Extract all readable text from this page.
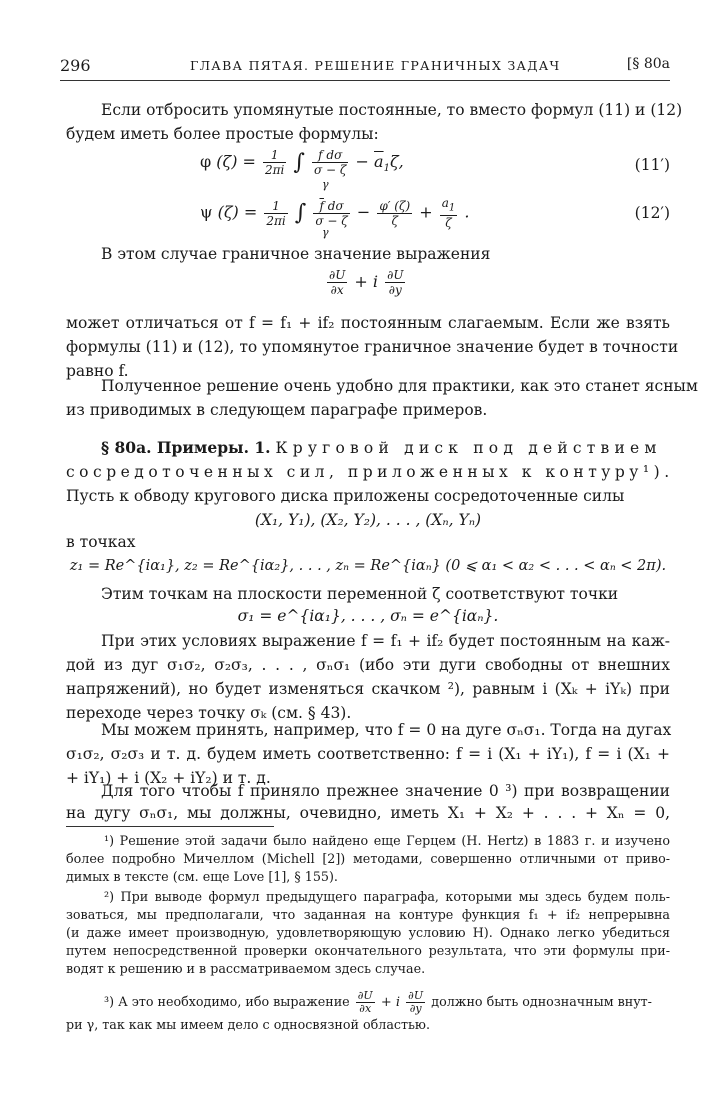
296	ГЛАВА ПЯТАЯ. РЕШЕНИЕ ГРАНИЧНЫХ ЗАДАЧ	[§ 80a
Если отбросить упомянутые постоянные, то вместо формул (11) и (12)
будем иметь более простые формулы:
φ $(\zeta) = \frac{1}{2\pi i}$ ∫ $\frac{\text{f dσ}}{\sigma - \zeta} - \overline{a}_1\zeta$,
γ
(11′)
ψ $(\zeta) = \frac{1}{2\pi i}$ ∫ $\frac{\overline{f} d\sigma}{\sigma - \zeta} - \frac{\varphi' (\zeta)}{\zeta} + \frac{a_1}{\zeta}$ .
γ
(12′)
В этом случае граничное значение выражения
$\frac{\partial U}{\partial x} + i \frac{\partial U}{\partial y}$
может отличаться от f = f₁ + if₂ постоянным слагаемым. Если же взять
формулы (11) и (12), то упомянутое граничное значение будет в точности
равно f.
Полученное решение очень удобно для практики, как это станет ясным
из приводимых в следующем параграфе примеров.
§ 80а. Примеры. 1. Круговой диск под действием
сосредоточенных сил, приложенных к контуру¹).
Пусть к обводу кругового диска приложены сосредоточенные силы
(X₁, Y₁), (X₂, Y₂), . . . , (Xₙ, Yₙ)
в точках
z₁ = Re^{iα₁}, z₂ = Re^{iα₂}, . . . , zₙ = Re^{iαₙ} (0 ⩽ α₁ < α₂ < . . . < αₙ < 2π).
Этим точкам на плоскости переменной ζ соответствуют точки
σ₁ = e^{iα₁}, . . . , σₙ = e^{iαₙ}.
При этих условиях выражение f = f₁ + if₂ будет постоянным на каж-
дой из дуг σ₁σ₂, σ₂σ₃, . . . , σₙσ₁ (ибо эти дуги свободны от внешних
напряжений), но будет изменяться скачком ²), равным i (Xₖ + iYₖ) при
переходе через точку σₖ (см. § 43).
Мы можем принять, например, что f = 0 на дуге σₙσ₁. Тогда на дугах
σ₁σ₂, σ₂σ₃ и т. д. будем иметь соответственно: f = i (X₁ + iY₁), f = i (X₁ +
+ iY₁) + i (X₂ + iY₂) и т. д.
Для того чтобы f приняло прежнее значение 0 ³) при возвращении
на дугу σₙσ₁, мы должны, очевидно, иметь X₁ + X₂ + . . . + Xₙ = 0,
¹) Решение этой задачи было найдено еще Герцем (H. Hertz) в 1883 г. и изучено
более подробно Мичеллом (Michell [2]) методами, совершенно отличными от приво-
димых в тексте (см. еще Love [1], § 155).
²) При выводе формул предыдущего параграфа, которыми мы здесь будем поль-
зоваться, мы предполагали, что заданная на контуре функция f₁ + if₂ непрерывна
(и даже имеет производную, удовлетворяющую условию H). Однако легко убедиться
путем непосредственной проверки окончательного результата, что эти формулы при-
водят к решению и в рассматриваемом здесь случае.
³) А это необходимо, ибо выражение $\frac{\partial U}{\partial x} + i \frac{\partial U}{\partial y}$ должно быть однозначным внут-
ри γ, так как мы имеем дело с односвязной областью.
